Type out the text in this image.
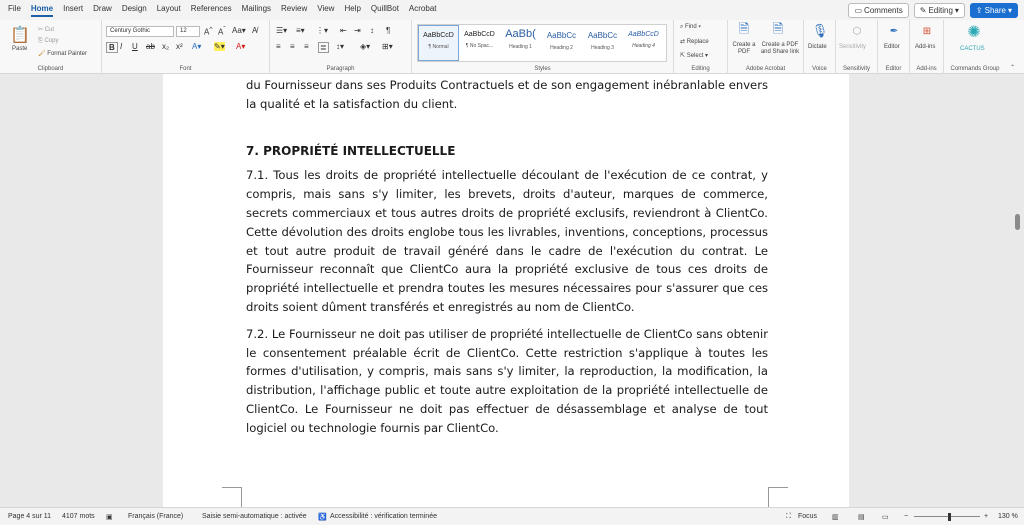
File Home Insert Draw Design Layout References Mailings Review View Help QuillBot Acrobat	▭ Comments ✎ Editing ▾ ⇪ Share ▾
📋
Paste
✂ Cut
⎘ Copy
🖌 Format Painter
Clipboard
Century Gothic	12	A^ $A^ˇ$ Aa▾ A̸
B I U ab x₂ x² A▾ ✎▾ A▾
Font
☰▾ ≡▾ ⋮▾ ⇤ ⇥ ↕ ¶
≡ ≡ ≡ ≣ ↕▾ ◈▾ ⊞▾
Paragraph	Styles
AaBbCcD
¶ Normal
AaBbCcD
¶ No Spac...
AaBb(
Heading 1
AaBbCc
Heading 2
AaBbCc
Heading 3
AaBbCcD
Heading 4
⌕ Find ▾
⇄ Replace
⇱ Select ▾
Editing
🗎
Create a PDF
🗎
Create a PDF and Share link
Adobe Acrobat
🎙
Dictate
Voice
⬡
Sensitivity
Sensitivity
✒
Editor
Editor
⊞
Add-ins
Add-ins
✺
CACTUS
Commands Group	⌃

du Fournisseur dans ses Produits Contractuels et de son engagement inébranlable envers la qualité et la satisfaction du client.

7. PROPRIÉTÉ INTELLECTUELLE

7.1. Tous les droits de propriété intellectuelle découlant de l'exécution de ce contrat, y compris, mais sans s'y limiter, les brevets, droits d'auteur, marques de commerce, secrets commerciaux et tous autres droits de propriété exclusifs, reviendront à ClientCo. Cette dévolution des droits englobe tous les livrables, inventions, conceptions, processus et tout autre produit de travail généré dans le cadre de l'exécution du contrat. Le Fournisseur reconnaît que ClientCo aura la propriété exclusive de tous ces droits de propriété intellectuelle et prendra toutes les mesures nécessaires pour s'assurer que ces droits soient dûment transférés et enregistrés au nom de ClientCo.

7.2. Le Fournisseur ne doit pas utiliser de propriété intellectuelle de ClientCo sans obtenir le consentement préalable écrit de ClientCo. Cette restriction s'applique à toutes les formes d'utilisation, y compris, mais sans s'y limiter, la reproduction, la modification, la distribution, l'affichage public et toute autre exploitation de la propriété intellectuelle de ClientCo. Le Fournisseur ne doit pas effectuer de désassemblage et analyse de tout logiciel ou technologie fournis par ClientCo.

Page 4 sur 11 4107 mots ▣ Français (France)	Saisie semi-automatique : activée ♿ Accessibilité : vérification terminée	⛶ Focus ▥	▤ ▭ −	+ 130 %
